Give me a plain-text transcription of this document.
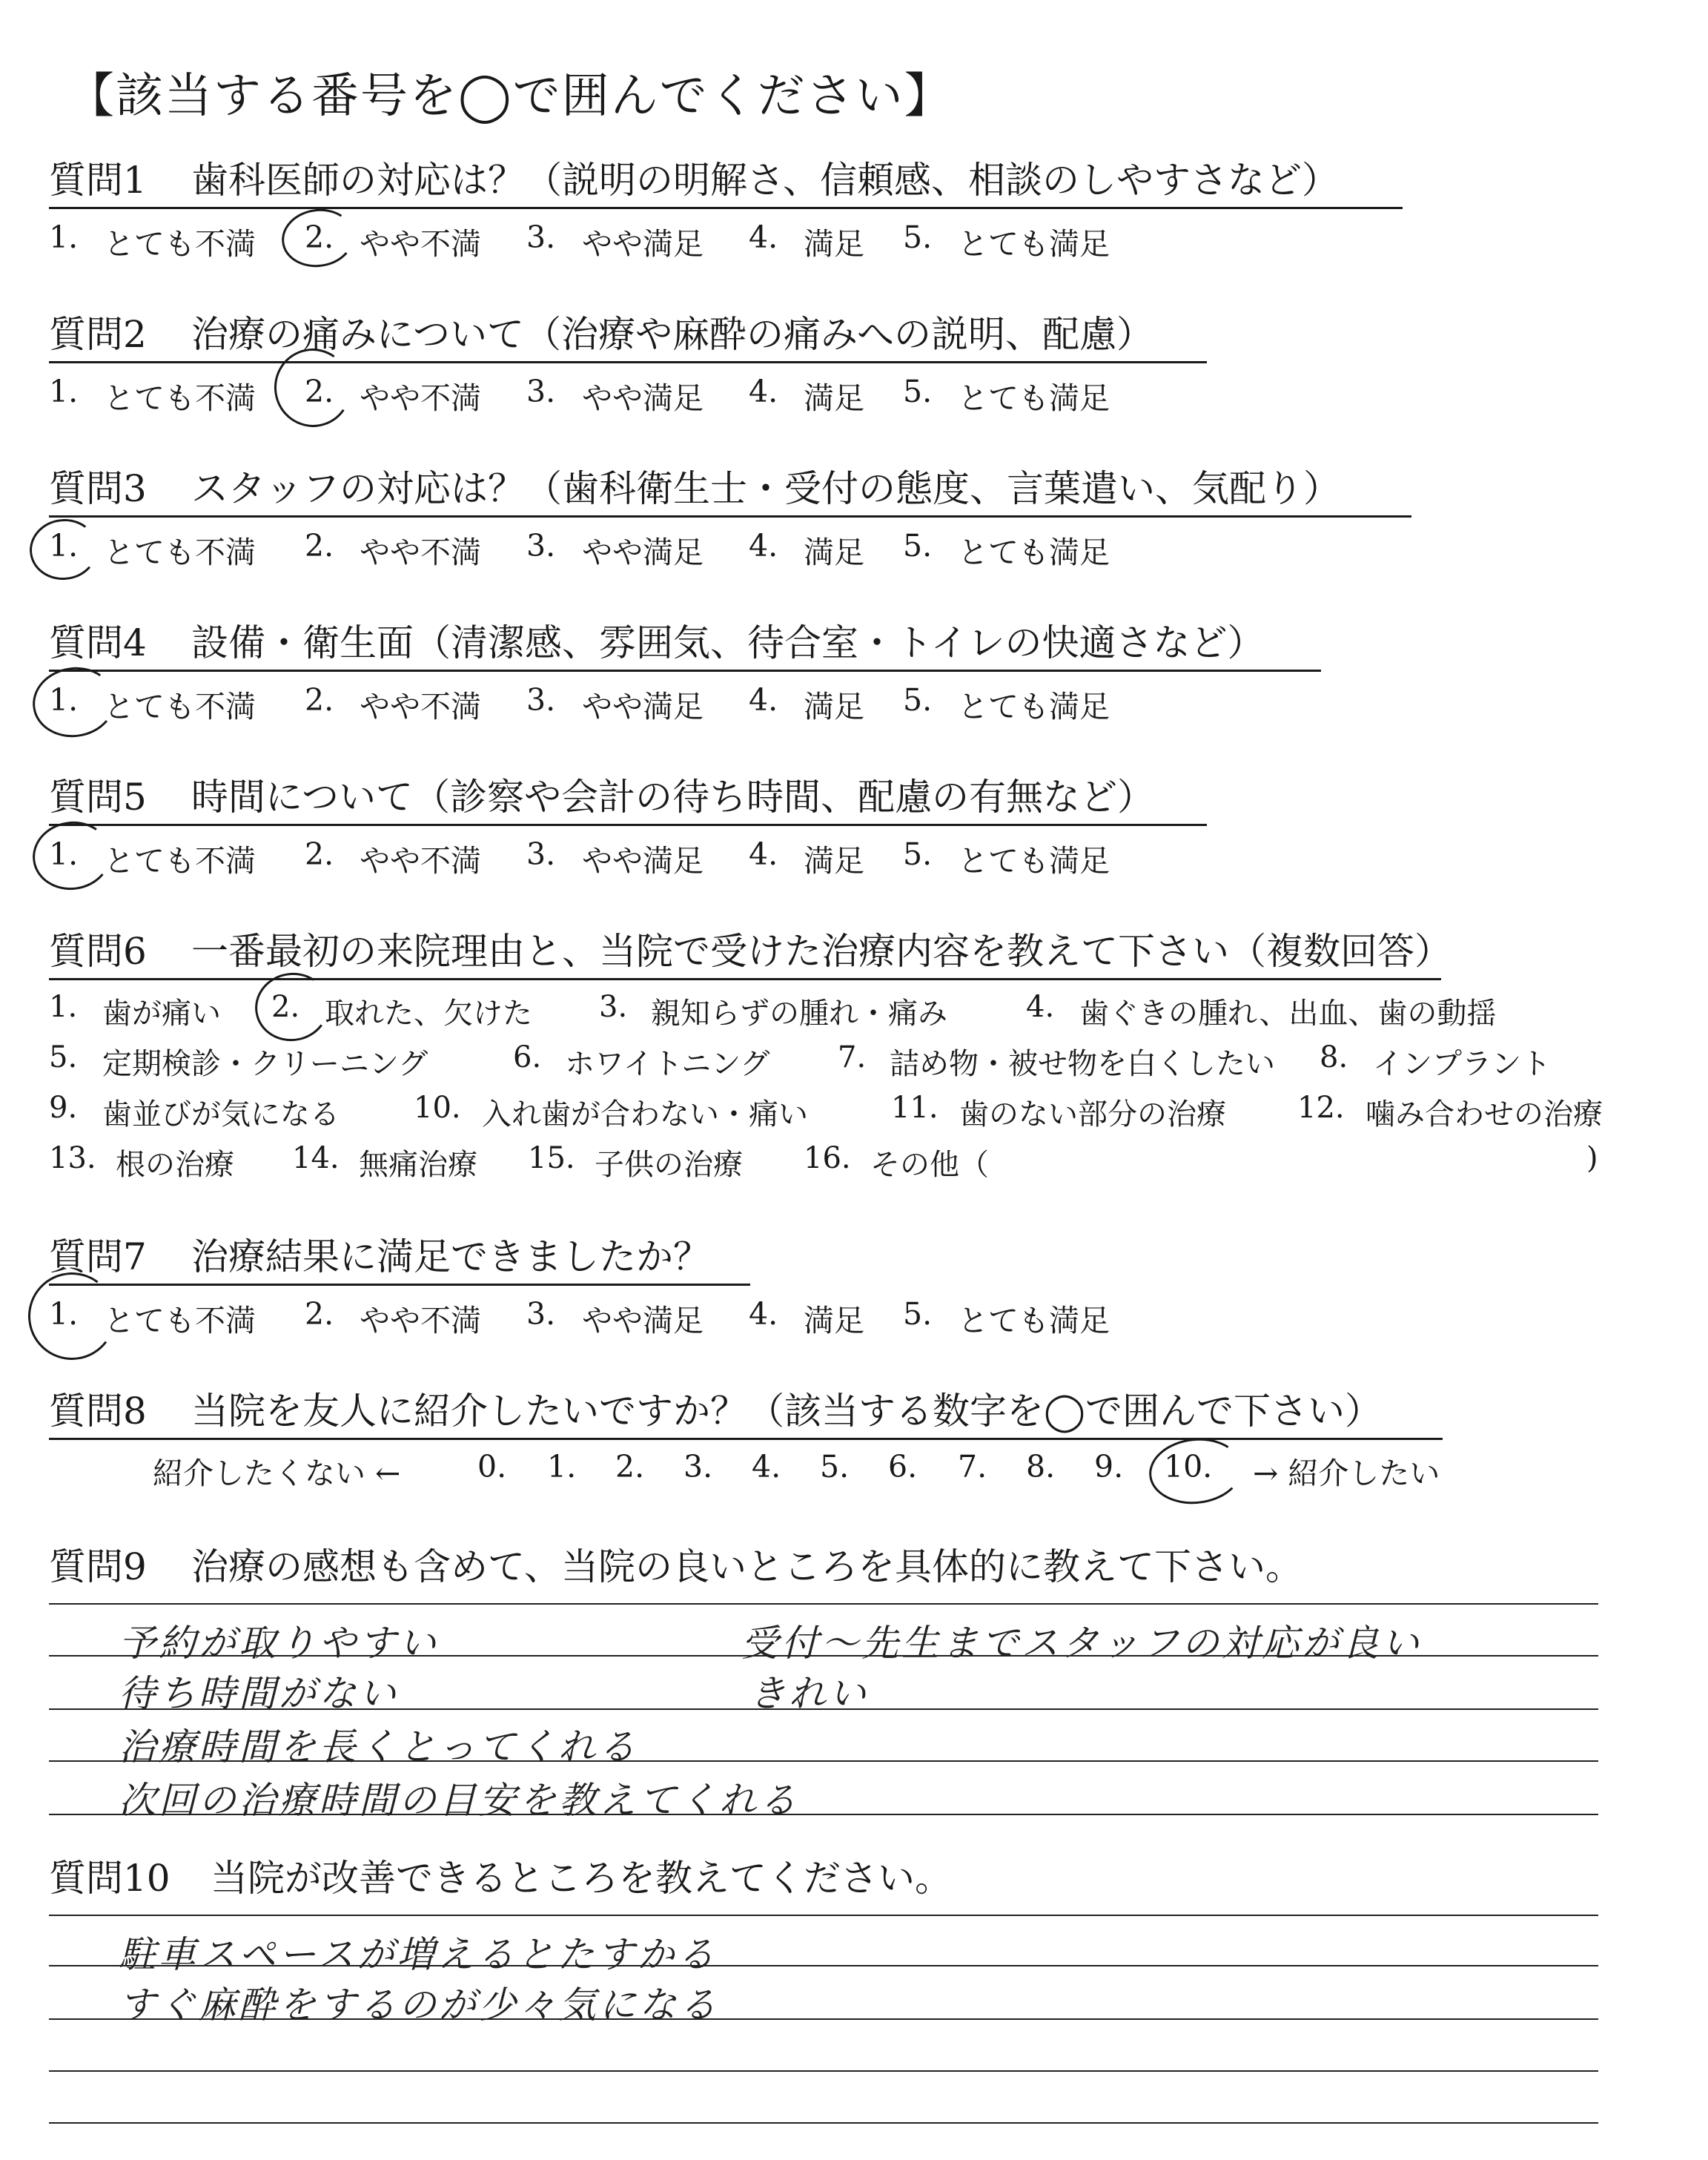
【該当する番号を◯で囲んでください】
質問1 歯科医師の対応は？（説明の明解さ、信頼感、相談のしやすさなど）
1. とても不満 2. やや不満 3. やや満足 4. 満足 5. とても満足
質問2 治療の痛みについて（治療や麻酔の痛みへの説明、配慮）
1. とても不満 2. やや不満 3. やや満足 4. 満足 5. とても満足
質問3 スタッフの対応は？（歯科衛生士・受付の態度、言葉遣い、気配り）
1. とても不満 2. やや不満 3. やや満足 4. 満足 5. とても満足
質問4 設備・衛生面（清潔感、雰囲気、待合室・トイレの快適さなど）
1. とても不満 2. やや不満 3. やや満足 4. 満足 5. とても満足
質問5 時間について（診察や会計の待ち時間、配慮の有無など）
1. とても不満 2. やや不満 3. やや満足 4. 満足 5. とても満足
質問6 一番最初の来院理由と、当院で受けた治療内容を教えて下さい（複数回答）
1. 歯が痛い 2. 取れた、欠けた 3. 親知らずの腫れ・痛み	4. 歯ぐきの腫れ、出血、歯の動揺
5. 定期検診・クリーニング	6. ホワイトニング 7. 詰め物・被せ物を白くしたい 8. インプラント
9. 歯並びが気になる	10. 入れ歯が合わない・痛い	11. 歯のない部分の治療 12. 噛み合わせの治療
13. 根の治療 14. 無痛治療 15. 子供の治療 16. その他（	)
質問7 治療結果に満足できましたか？
1. とても不満 2. やや不満 3. やや満足 4. 満足 5. とても満足
質問8 当院を友人に紹介したいですか？（該当する数字を◯で囲んで下さい）
紹介したくない ←	0. 1. 2. 3. 4. 5. 6. 7. 8. 9. 10. → 紹介したい
質問9 治療の感想も含めて、当院の良いところを具体的に教えて下さい。
予約が取りやすい	受付〜先生までスタッフの対応が良い
待ち時間がない	きれい
治療時間を長くとってくれる
次回の治療時間の目安を教えてくれる
質問10 当院が改善できるところを教えてください。
駐車スペースが増えるとたすかる
すぐ麻酔をするのが少々気になる
